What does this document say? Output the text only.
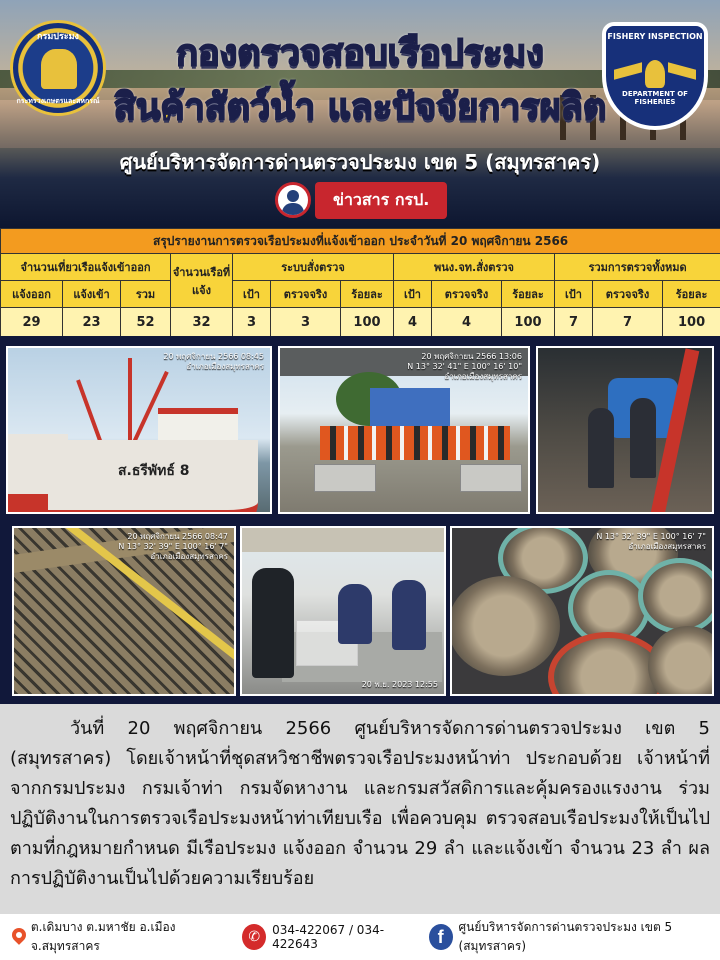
กรมประมง
กระทรวงเกษตรและสหกรณ์
FISHERY INSPECTION
DEPARTMENT OF FISHERIES
กองตรวจสอบเรือประมง
สินค้าสัตว์น้ำ และปัจจัยการผลิต
ศูนย์บริหารจัดการด่านตรวจประมง เขต 5 (สมุทรสาคร)
ข่าวสาร กรป.
สรุปรายงานการตรวจเรือประมงที่แจ้งเข้าออก ประจำวันที่ 20 พฤศจิกายน 2566												
จำนวนเที่ยวเรือแจ้งเข้าออก			จำนวนเรือที่แจ้ง	ระบบสั่งตรวจ			พนง.จท.สั่งตรวจ			รวมการตรวจทั้งหมด		
แจ้งออก	แจ้งเข้า	รวม		เป้า	ตรวจจริง	ร้อยละ	เป้า	ตรวจจริง	ร้อยละ	เป้า	ตรวจจริง	ร้อยละ
29	23	52	32	3	3	100	4	4	100	7	7	100
ส.ธรีพัทธ์ 8
20 พฤศจิกายน 2566 08:45
อำเภอเมืองสมุทรสาคร
20 พฤศจิกายน 2566 13:06
N 13° 32' 41" E 100° 16' 10"
อำเภอเมืองสมุทรสาคร
20 พฤศจิกายน 2566 08:47
N 13° 32' 39" E 100° 16' 7"
อำเภอเมืองสมุทรสาคร
20 พ.ย. 2023 12:55
N 13° 32' 39" E 100° 16' 7"
อำเภอเมืองสมุทรสาคร

วันที่ 20 พฤศจิกายน 2566 ศูนย์บริหารจัดการด่านตรวจประมง เขต 5 (สมุทรสาคร) โดยเจ้าหน้าที่ชุดสหวิชาชีพตรวจเรือประมงหน้าท่า ประกอบด้วย เจ้าหน้าที่จากกรมประมง กรมเจ้าท่า กรมจัดหางาน และกรมสวัสดิการและคุ้มครองแรงงาน ร่วมปฏิบัติงานในการตรวจเรือประมงหน้าท่าเทียบเรือ เพื่อควบคุม ตรวจสอบเรือประมงให้เป็นไปตามที่กฎหมายกำหนด มีเรือประมง แจ้งออก จำนวน 29 ลำ และแจ้งเข้า จำนวน 23 ลำ ผลการปฏิบัติงานเป็นไปด้วยความเรียบร้อย

ต.เดิมบาง ต.มหาชัย อ.เมือง จ.สมุทรสาคร
✆	034-422067 / 034-422643	f	ศูนย์บริหารจัดการด่านตรวจประมง เขต 5 (สมุทรสาคร)
